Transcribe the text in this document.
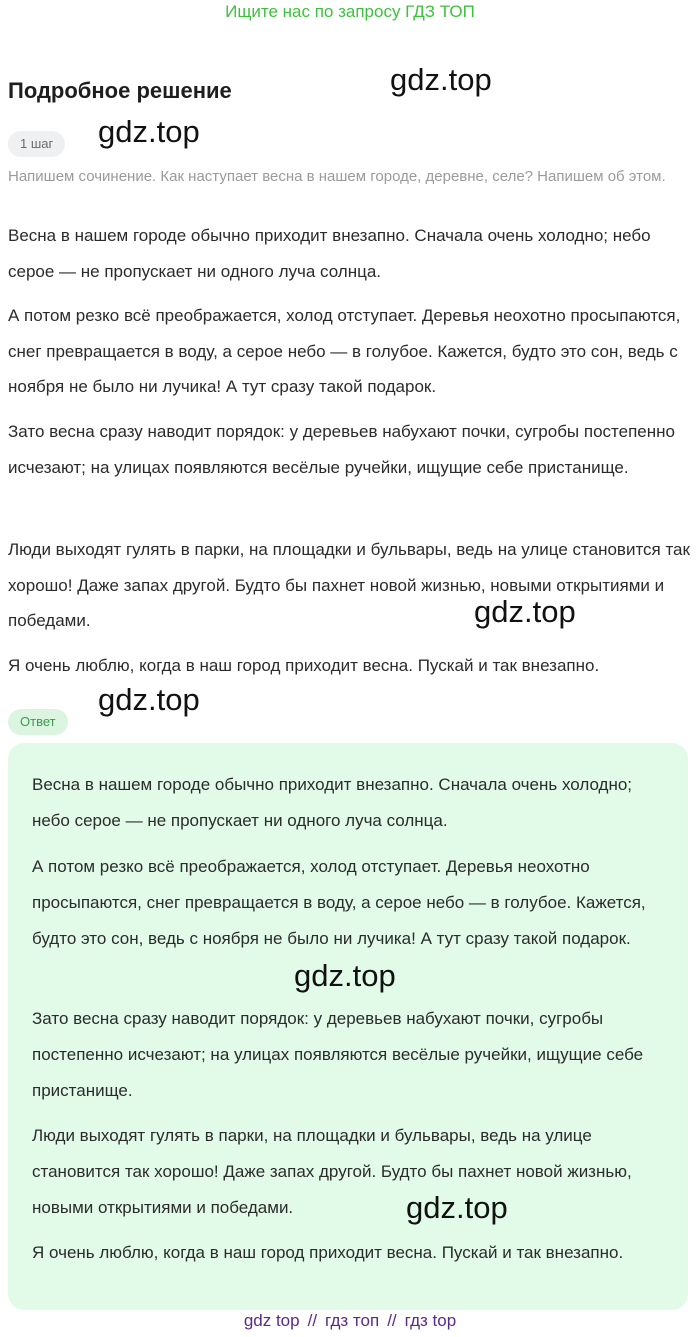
Ищите нас по запросу ГДЗ ТОП
Подробное решение
1 шаг
Напишем сочинение. Как наступает весна в нашем городе, деревне, селе? Напишем об этом.
Весна в нашем городе обычно приходит внезапно. Сначала очень холодно; небо серое — не пропускает ни одного луча солнца.
А потом резко всё преображается, холод отступает. Деревья неохотно просыпаются, снег превращается в воду, а серое небо — в голубое. Кажется, будто это сон, ведь с ноября не было ни лучика! А тут сразу такой подарок.
Зато весна сразу наводит порядок: у деревьев набухают почки, сугробы постепенно исчезают; на улицах появляются весёлые ручейки, ищущие себе пристанище.
Люди выходят гулять в парки, на площадки и бульвары, ведь на улице становится так хорошо! Даже запах другой. Будто бы пахнет новой жизнью, новыми открытиями и победами.
Я очень люблю, когда в наш город приходит весна. Пускай и так внезапно.
Ответ
Весна в нашем городе обычно приходит внезапно. Сначала очень холодно; небо серое — не пропускает ни одного луча солнца.
А потом резко всё преображается, холод отступает. Деревья неохотно просыпаются, снег превращается в воду, а серое небо — в голубое. Кажется, будто это сон, ведь с ноября не было ни лучика! А тут сразу такой подарок.
Зато весна сразу наводит порядок: у деревьев набухают почки, сугробы постепенно исчезают; на улицах появляются весёлые ручейки, ищущие себе пристанище.
Люди выходят гулять в парки, на площадки и бульвары, ведь на улице становится так хорошо! Даже запах другой. Будто бы пахнет новой жизнью, новыми открытиями и победами.
Я очень люблю, когда в наш город приходит весна. Пускай и так внезапно.
gdz.top
gdz.top
gdz.top
gdz.top
gdz.top
gdz.top
gdz top // гдз топ // гдз top
